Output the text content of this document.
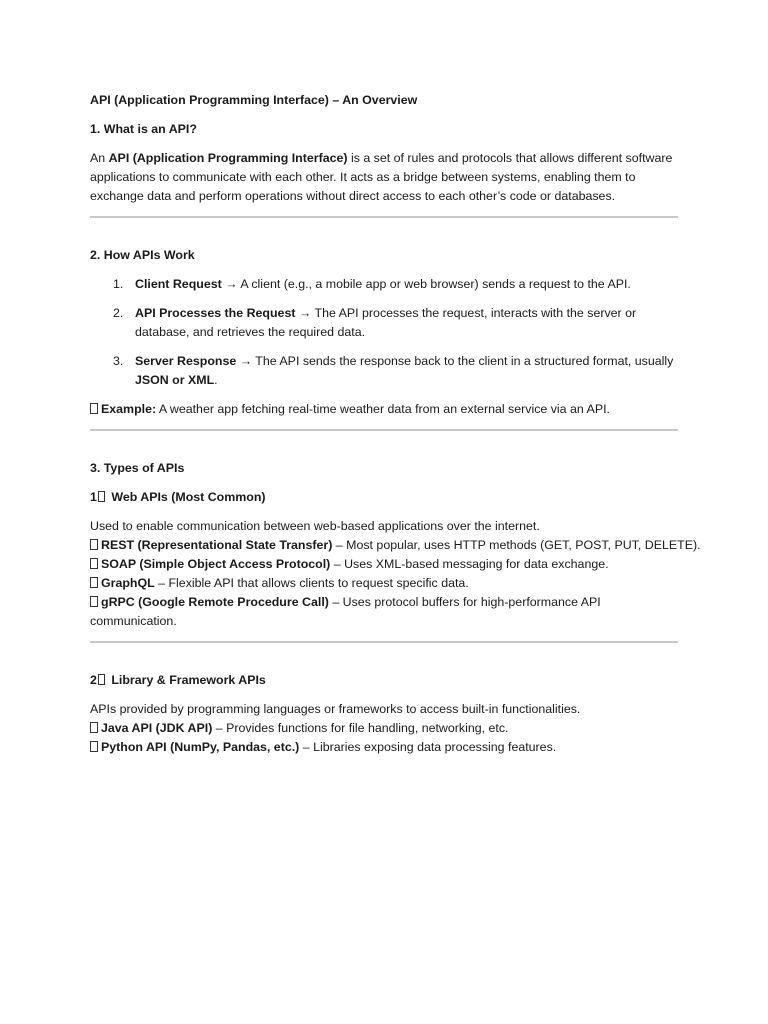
API (Application Programming Interface) – An Overview
1. What is an API?

An API (Application Programming Interface) is a set of rules and protocols that allows different software

applications to communicate with each other. It acts as a bridge between systems, enabling them to

exchange data and perform operations without direct access to each other’s code or databases.

2. How APIs Work
1. Client Request → A client (e.g., a mobile app or web browser) sends a request to the API.
2. API Processes the Request → The API processes the request, interacts with the server or
database, and retrieves the required data.
3. Server Response → The API sends the response back to the client in a structured format, usually
JSON or XML.

Example: A weather app fetching real-time weather data from an external service via an API.

3. Types of APIs
1 Web APIs (Most Common)

Used to enable communication between web-based applications over the internet.

REST (Representational State Transfer) – Most popular, uses HTTP methods (GET, POST, PUT, DELETE).

SOAP (Simple Object Access Protocol) – Uses XML-based messaging for data exchange.

GraphQL – Flexible API that allows clients to request specific data.

gRPC (Google Remote Procedure Call) – Uses protocol buffers for high-performance API

communication.

2 Library & Framework APIs

APIs provided by programming languages or frameworks to access built-in functionalities.

Java API (JDK API) – Provides functions for file handling, networking, etc.

Python API (NumPy, Pandas, etc.) – Libraries exposing data processing features.
